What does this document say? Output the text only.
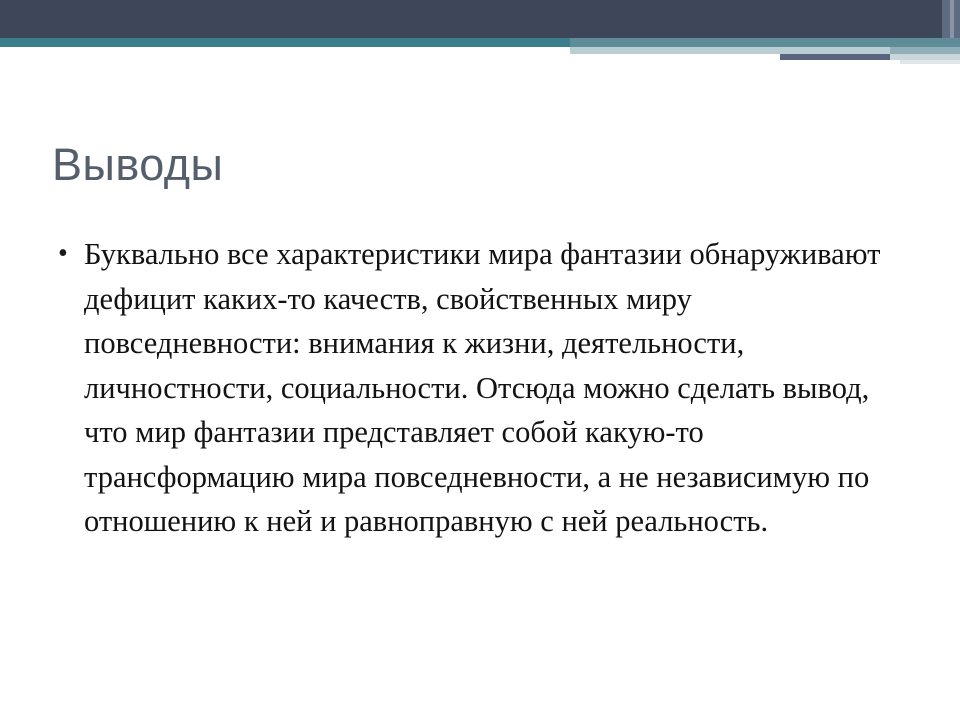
Выводы
• Буквально все характеристики мира фантазии обнаруживают дефицит каких-то качеств, свойственных миру повседневности: внимания к жизни, деятельности, личностности, социальности. Отсюда можно сделать вывод, что мир фантазии представляет собой какую-то трансформацию мира повседневности, а не независимую по отношению к ней и равноправную с ней реальность.
